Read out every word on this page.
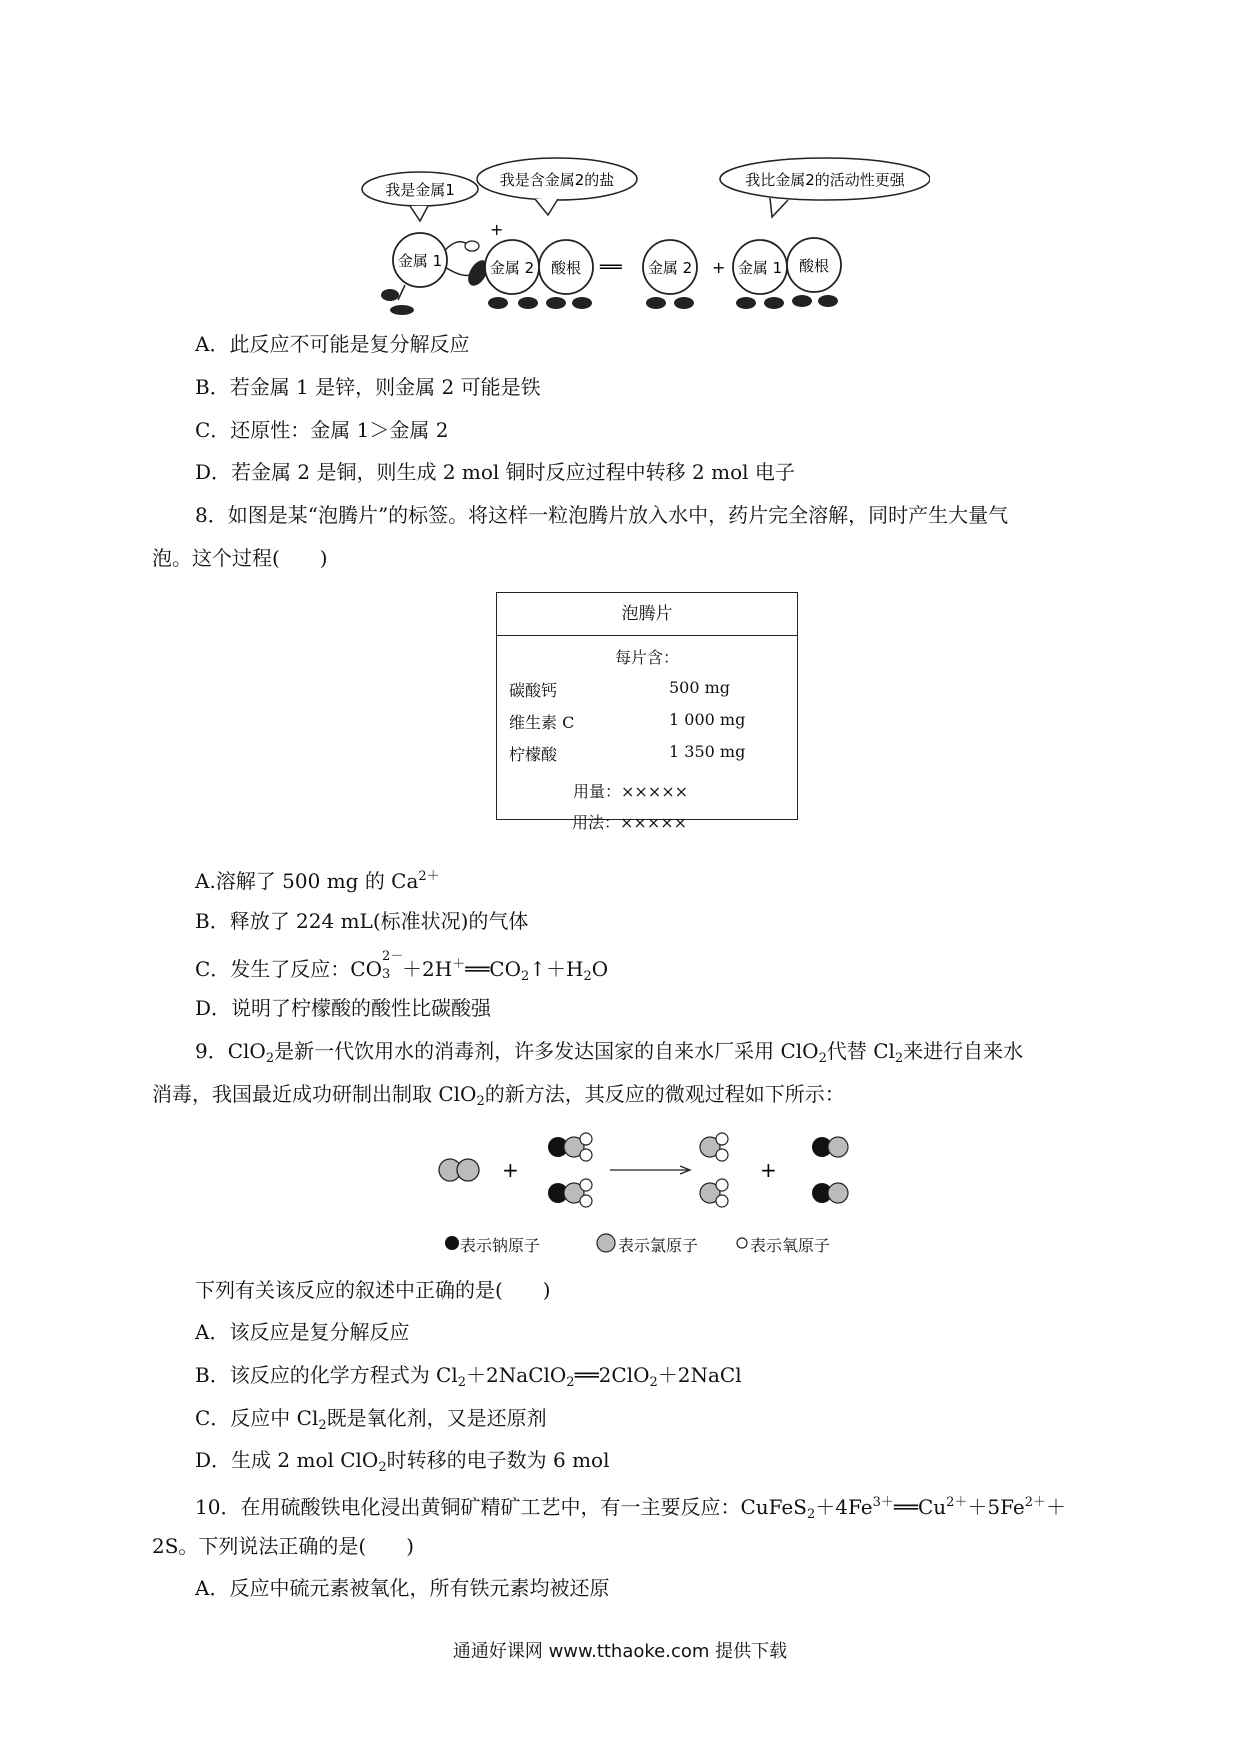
我是金属1
我是含金属2的盐	我比金属2的活动性更强
金属 1
+
金属 2 酸根 ══ 金属 2 + 金属 1 酸根
A．此反应不可能是复分解反应
B．若金属 1 是锌，则金属 2 可能是铁
C．还原性：金属 1＞金属 2
D．若金属 2 是铜，则生成 2 mol 铜时反应过程中转移 2 mol 电子
8．如图是某“泡腾片”的标签。将这样一粒泡腾片放入水中，药片完全溶解，同时产生大量气
泡。这个过程(　　)
泡腾片
每片含：
碳酸钙	500 mg
维生素 C	1 000 mg
柠檬酸	1 350 mg
用量：×××××
用法：×××××
A.溶解了 500 mg 的 $Ca^{2+}$
B．释放了 224 mL(标准状况)的气体
C．发生了反应：CO
2－
$3 +2H^+══CO_2↑+H_2O$
D．说明了柠檬酸的酸性比碳酸强
9．ClO$_2$是新一代饮用水的消毒剂，许多发达国家的自来水厂采用 ClO$_2$代替 $Cl_2$来进行自来水
消毒，我国最近成功研制出制取 ClO$_2$的新方法，其反应的微观过程如下所示：
+	+
表示钠原子	表示氯原子	表示氧原子
下列有关该反应的叙述中正确的是(　　)
A．该反应是复分解反应
B．该反应的化学方程式为 $Cl_2+2NaClO_2══2ClO_2+2NaCl$
C．反应中 $Cl_2$既是氧化剂，又是还原剂
D．生成 2 mol ClO$_2$时转移的电子数为 6 mol
10．在用硫酸铁电化浸出黄铜矿精矿工艺中，有一主要反应：$CuFeS_2+4Fe^{3+}══Cu^{2+}+5Fe^{2+}+$
2S。下列说法正确的是(　　)
A．反应中硫元素被氧化，所有铁元素均被还原
通通好课网 www.tthaoke.com 提供下载
